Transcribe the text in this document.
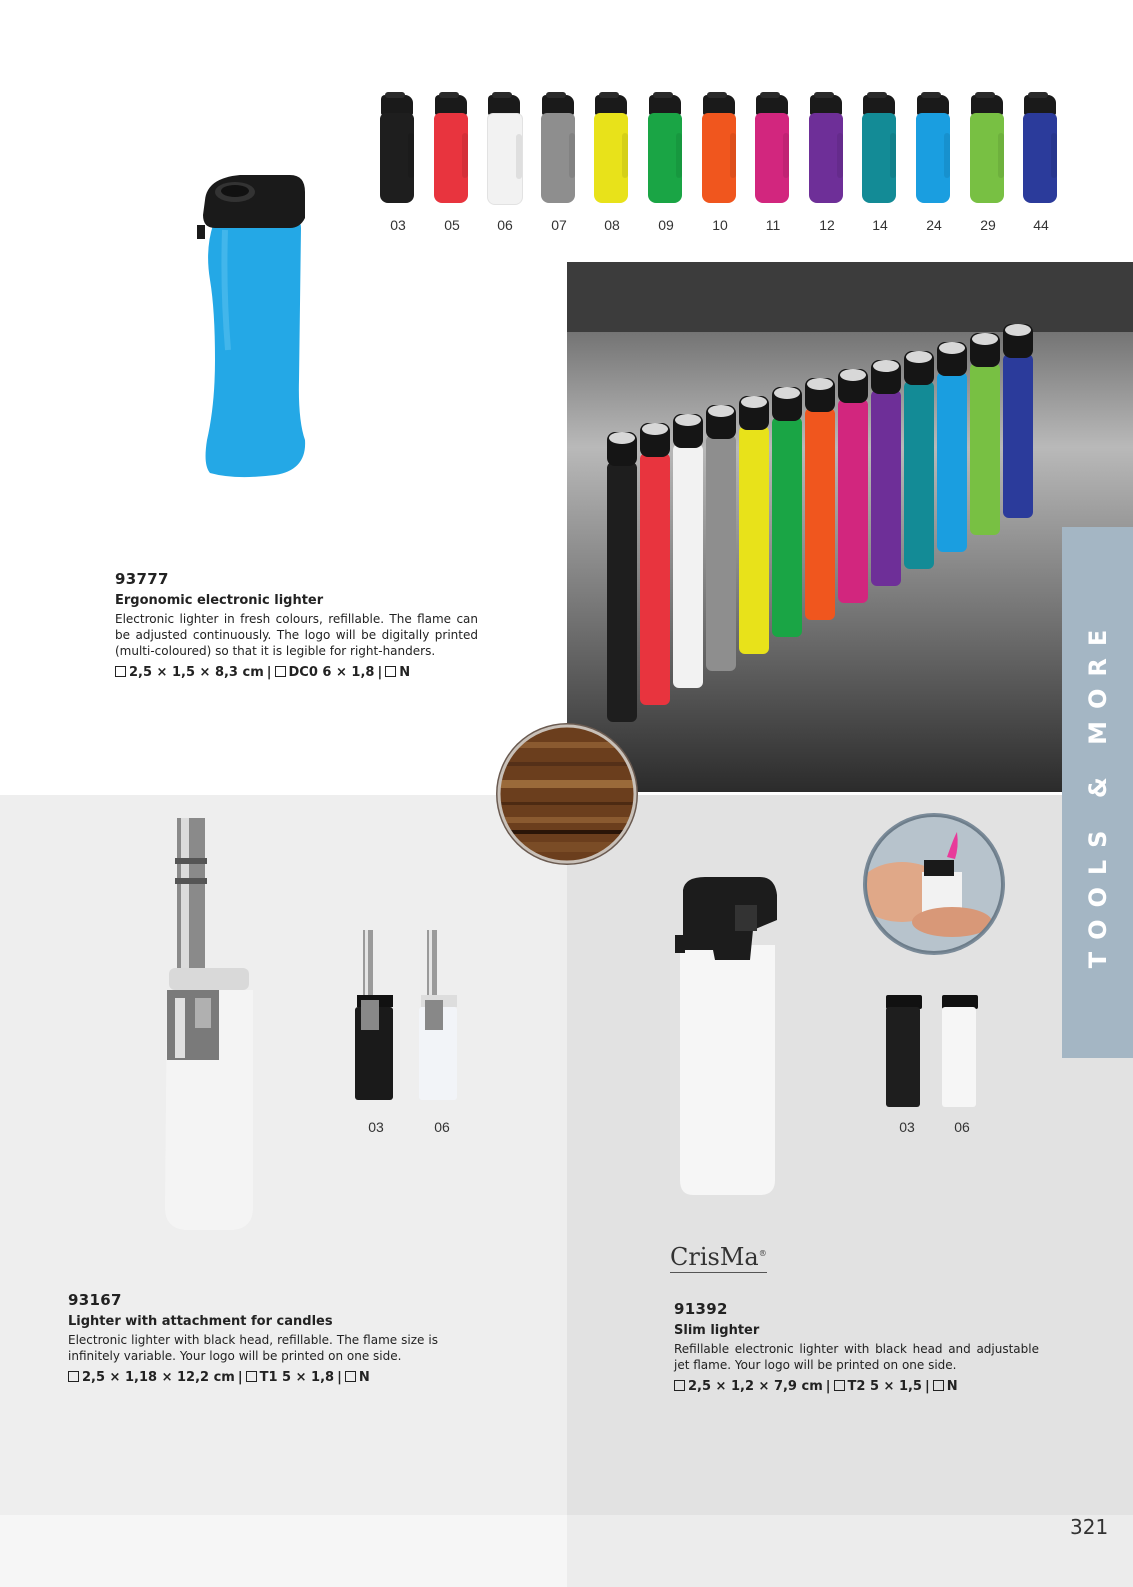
03	05	06	07	08	09	10	11	12	14	24	29	44
93777
Ergonomic electronic lighter
Electronic lighter in fresh colours, refillable. The flame can be adjusted continuously. The logo will be digitally printed (multi-coloured) so that it is legible for right-handers.
2,5 × 1,5 × 8,3 cm | DC0 6 × 1,8 | N
03	06
93167
Lighter with attachment for candles
Electronic lighter with black head, refillable. The flame size is infinitely variable. Your logo will be printed on one side.
2,5 × 1,18 × 12,2 cm | T1 5 × 1,8 | N
03	06
CrisMa®
91392
Slim lighter
Refillable electronic lighter with black head and adjustable jet flame. Your logo will be printed on one side.
2,5 × 1,2 × 7,9 cm | T2 5 × 1,5 | N
TOOLS & MORE
321
